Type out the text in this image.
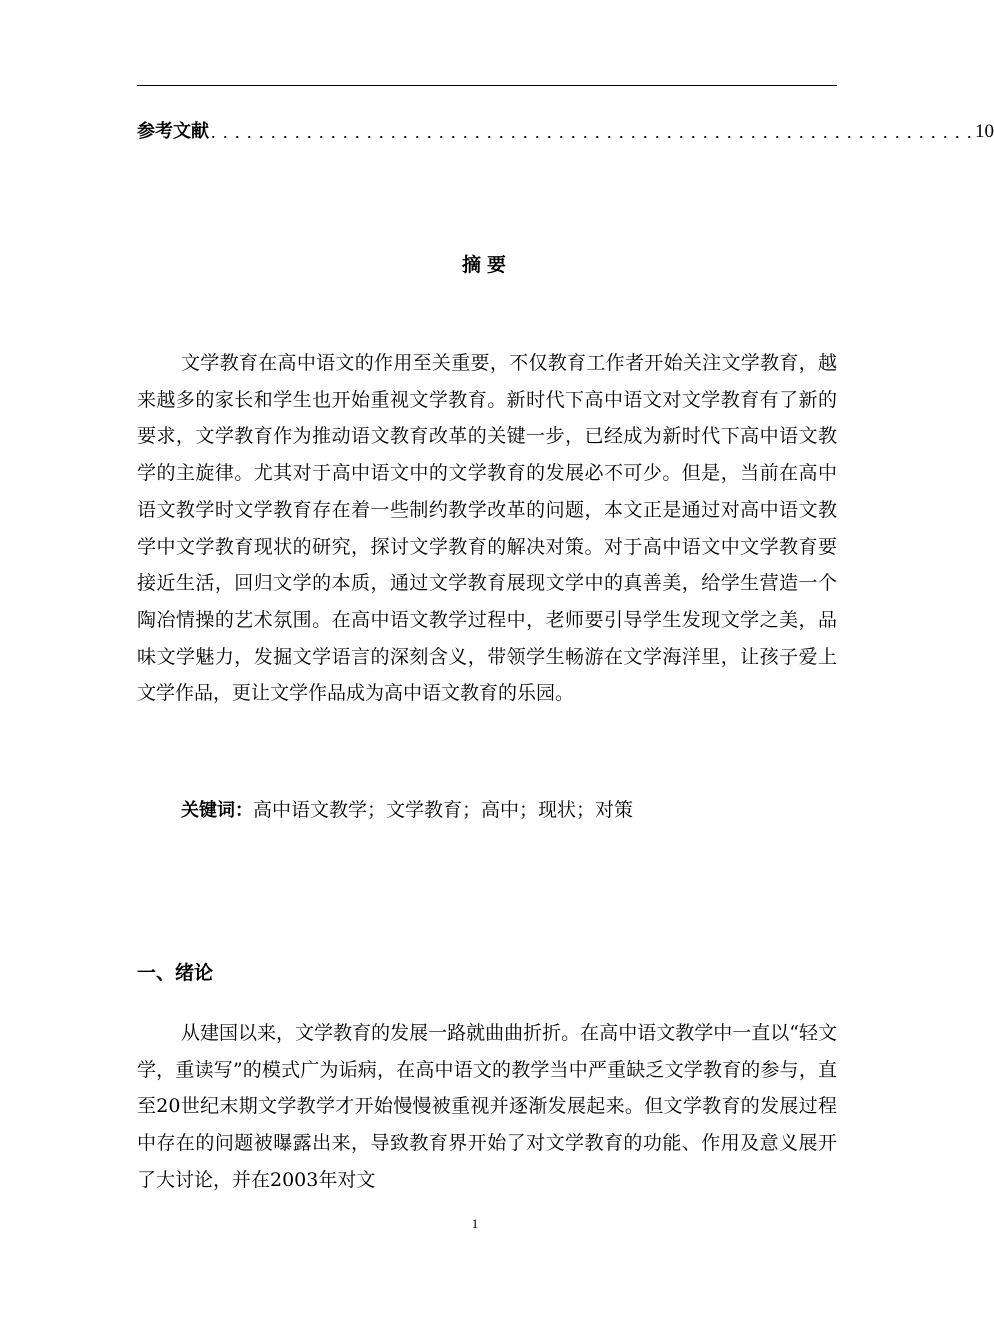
参考文献 . . . . . . . . . . . . . . . . . . . . . . . . . . . . . . . . . . . . . . . . . . . . . . . . . . . . . . . . . . . . . . . . 10
摘要

文学教育在高中语文的作用至关重要，不仅教育工作者开始关注文学教育，越来越多的家长和学生也开始重视文学教育。新时代下高中语文对文学教育有了新的要求，文学教育作为推动语文教育改革的关键一步，已经成为新时代下高中语文教学的主旋律。尤其对于高中语文中的文学教育的发展必不可少。但是，当前在高中语文教学时文学教育存在着一些制约教学改革的问题，本文正是通过对高中语文教学中文学教育现状的研究，探讨文学教育的解决对策。对于高中语文中文学教育要接近生活，回归文学的本质，通过文学教育展现文学中的真善美，给学生营造一个陶冶情操的艺术氛围。在高中语文教学过程中，老师要引导学生发现文学之美，品味文学魅力，发掘文学语言的深刻含义，带领学生畅游在文学海洋里，让孩子爱上文学作品，更让文学作品成为高中语文教育的乐园。

关键词：高中语文教学；文学教育；高中；现状；对策
一、绪论

从建国以来，文学教育的发展一路就曲曲折折。在高中语文教学中一直以“轻文学，重读写”的模式广为诟病，在高中语文的教学当中严重缺乏文学教育的参与，直至20世纪末期文学教学才开始慢慢被重视并逐渐发展起来。但文学教育的发展过程中存在的问题被曝露出来，导致教育界开始了对文学教育的功能、作用及意义展开了大讨论，并在2003年对文

1
